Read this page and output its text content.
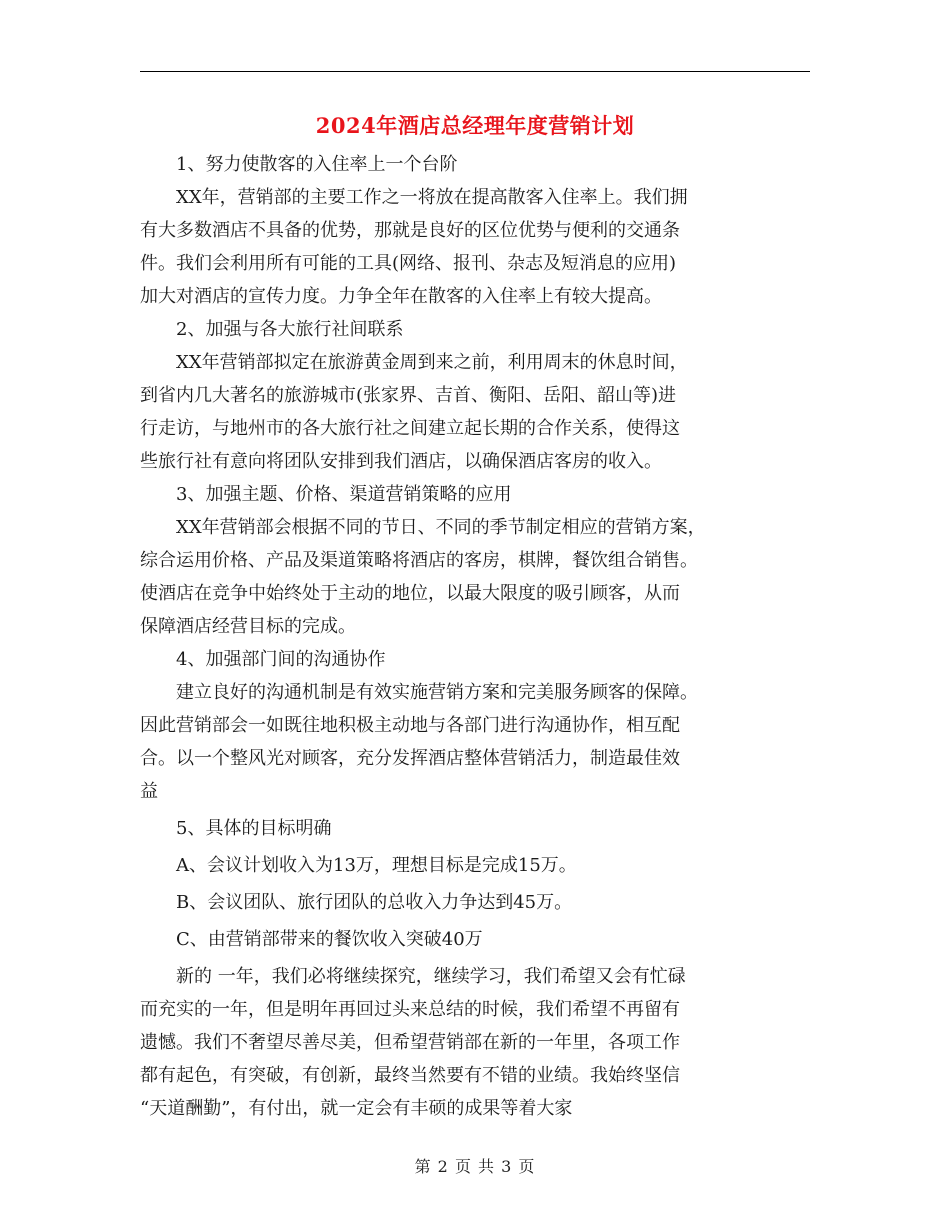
2024年酒店总经理年度营销计划

　　1、努力使散客的入住率上一个台阶

　　XX年，营销部的主要工作之一将放在提高散客入住率上。我们拥

有大多数酒店不具备的优势，那就是良好的区位优势与便利的交通条

件。我们会利用所有可能的工具(网络、报刊、杂志及短消息的应用)

加大对酒店的宣传力度。力争全年在散客的入住率上有较大提高。

　　2、加强与各大旅行社间联系

　　XX年营销部拟定在旅游黄金周到来之前，利用周末的休息时间，

到省内几大著名的旅游城市(张家界、吉首、衡阳、岳阳、韶山等)进

行走访，与地州市的各大旅行社之间建立起长期的合作关系，使得这

些旅行社有意向将团队安排到我们酒店，以确保酒店客房的收入。

　　3、加强主题、价格、渠道营销策略的应用

　　XX年营销部会根据不同的节日、不同的季节制定相应的营销方案，

综合运用价格、产品及渠道策略将酒店的客房，棋牌，餐饮组合销售。

使酒店在竞争中始终处于主动的地位，以最大限度的吸引顾客，从而

保障酒店经营目标的完成。

　　4、加强部门间的沟通协作

　　建立良好的沟通机制是有效实施营销方案和完美服务顾客的保障。

因此营销部会一如既往地积极主动地与各部门进行沟通协作，相互配

合。以一个整风光对顾客，充分发挥酒店整体营销活力，制造最佳效

益

　　5、具体的目标明确

　　A、会议计划收入为13万，理想目标是完成15万。

　　B、会议团队、旅行团队的总收入力争达到45万。

　　C、由营销部带来的餐饮收入突破40万

　　新的 一年，我们必将继续探究，继续学习，我们希望又会有忙碌

而充实的一年，但是明年再回过头来总结的时候，我们希望不再留有

遗憾。我们不奢望尽善尽美，但希望营销部在新的一年里，各项工作

都有起色，有突破，有创新，最终当然要有不错的业绩。我始终坚信

“天道酬勤”，有付出，就一定会有丰硕的成果等着大家

第 2 页 共 3 页
